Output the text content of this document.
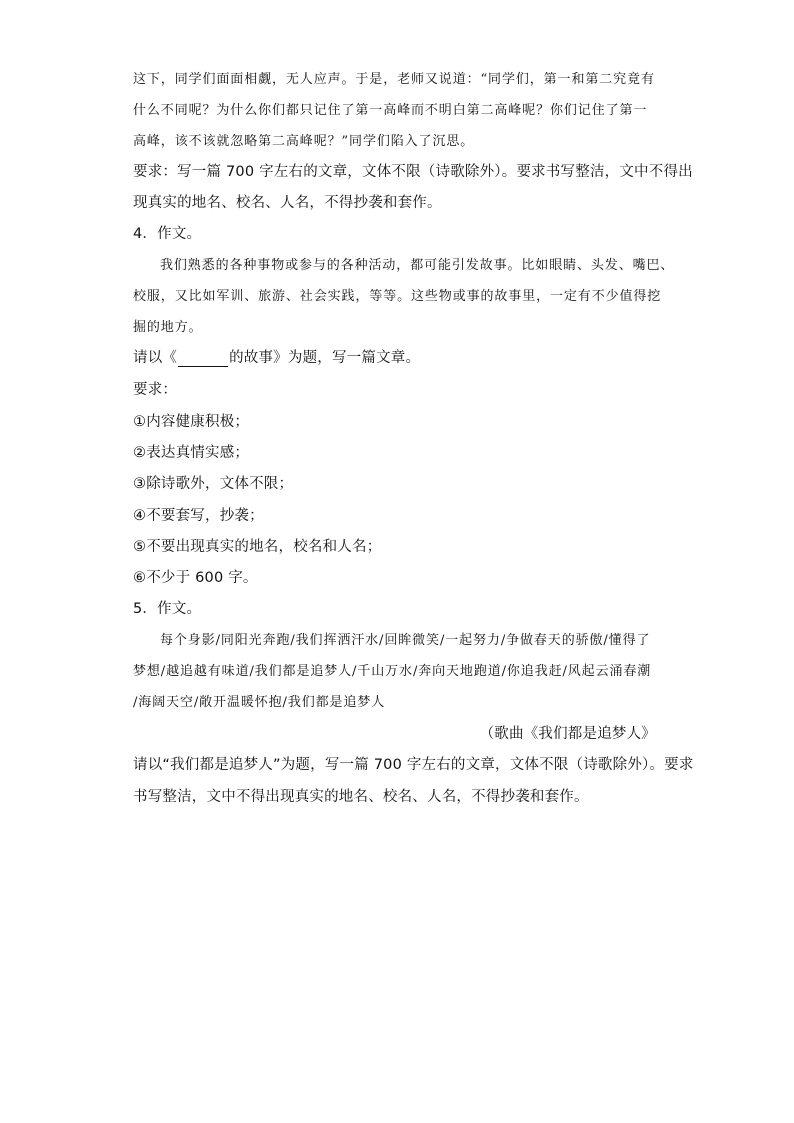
这下，同学们面面相觑，无人应声。于是，老师又说道：“同学们，第一和第二究竟有
什么不同呢？为什么你们都只记住了第一高峰而不明白第二高峰呢？你们记住了第一
高峰，该不该就忽略第二高峰呢？”同学们陷入了沉思。
要求：写一篇 700 字左右的文章，文体不限（诗歌除外）。要求书写整洁，文中不得出
现真实的地名、校名、人名，不得抄袭和套作。
4．作文。
我们熟悉的各种事物或参与的各种活动，都可能引发故事。比如眼睛、头发、嘴巴、
校服，又比如军训、旅游、社会实践，等等。这些物或事的故事里，一定有不少值得挖
掘的地方。
请以《	的故事》为题，写一篇文章。
要求：
①内容健康积极；
②表达真情实感；
③除诗歌外，文体不限；
④不要套写，抄袭；
⑤不要出现真实的地名，校名和人名；
⑥不少于 600 字。
5．作文。
每个身影/同阳光奔跑/我们挥洒汗水/回眸微笑/一起努力/争做春天的骄傲/懂得了
梦想/越追越有味道/我们都是追梦人/千山万水/奔向天地跑道/你追我赶/风起云涌春潮
/海阔天空/敞开温暖怀抱/我们都是追梦人
（歌曲《我们都是追梦人》
请以“我们都是追梦人”为题，写一篇 700 字左右的文章，文体不限（诗歌除外）。要求
书写整洁，文中不得出现真实的地名、校名、人名，不得抄袭和套作。
